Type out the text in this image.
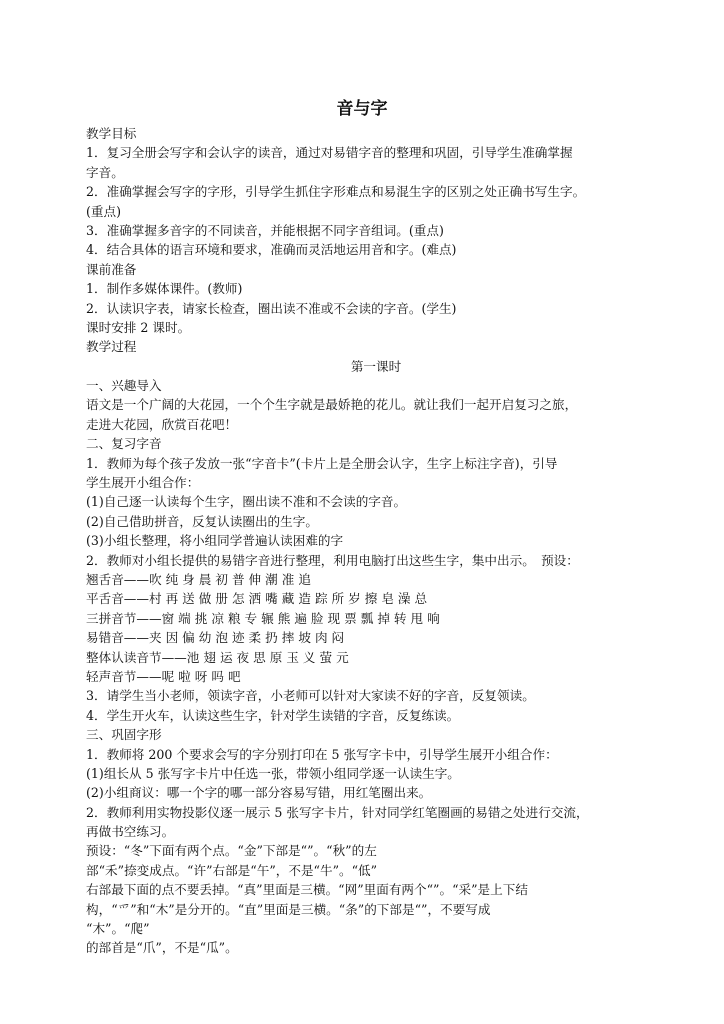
音与字
教学目标
1．复习全册会写字和会认字的读音，通过对易错字音的整理和巩固，引导学生准确掌握
字音。
2．准确掌握会写字的字形，引导学生抓住字形难点和易混生字的区别之处正确书写生字。
(重点)
3．准确掌握多音字的不同读音，并能根据不同字音组词。(重点)
4．结合具体的语言环境和要求，准确而灵活地运用音和字。(难点)
课前准备
1．制作多媒体课件。(教师)
2．认读识字表，请家长检查，圈出读不准或不会读的字音。(学生)
课时安排 2 课时。
教学过程
第一课时
一、兴趣导入
语文是一个广阔的大花园，一个个生字就是最娇艳的花儿。就让我们一起开启复习之旅，
走进大花园，欣赏百花吧！
二、复习字音
1．教师为每个孩子发放一张“字音卡”(卡片上是全册会认字，生字上标注字音)，引导
学生展开小组合作：
(1)自己逐一认读每个生字，圈出读不准和不会读的字音。
(2)自己借助拼音，反复认读圈出的生字。
(3)小组长整理，将小组同学普遍认读困难的字
2．教师对小组长提供的易错字音进行整理，利用电脑打出这些生字，集中出示。　预设：
翘舌音——吹 纯 身 晨 初 普 伸 潮 准 追
平舌音——村 再 送 做 册 怎 洒 嘴 藏 造 踪 所 岁 擦 皂 澡 总
三拼音节——窗 端 挑 凉 粮 专 辗 熊 遍 脸 现 票 瓢 掉 转 甩 响
易错音——夹 因 偏 幼 泡 迹 柔 扔 摔 坡 肉 闷
整体认读音节——池 翅 运 夜 思 原 玉 义 萤 元
轻声音节——呢 啦 呀 吗 吧
3．请学生当小老师，领读字音，小老师可以针对大家读不好的字音，反复领读。
4．学生开火车，认读这些生字，针对学生读错的字音，反复练读。
三、巩固字形
1．教师将 200 个要求会写的字分别打印在 5 张写字卡中，引导学生展开小组合作：
(1)组长从 5 张写字卡片中任选一张，带领小组同学逐一认读生字。
(2)小组商议：哪一个字的哪一部分容易写错，用红笔圈出来。
2．教师利用实物投影仪逐一展示 5 张写字卡片，针对同学红笔圈画的易错之处进行交流，
再做书空练习。
预设：“冬”下面有两个点。“金”下部是“”。“秋”的左
部“禾”捺变成点。“许”右部是“午”，不是“牛”。“低”
右部最下面的点不要丢掉。“真”里面是三横。“网”里面有两个“”。“采”是上下结
构，“爫”和“木”是分开的。“直”里面是三横。“条”的下部是“”，不要写成
“木”。“爬”
的部首是“爪”，不是“瓜”。
